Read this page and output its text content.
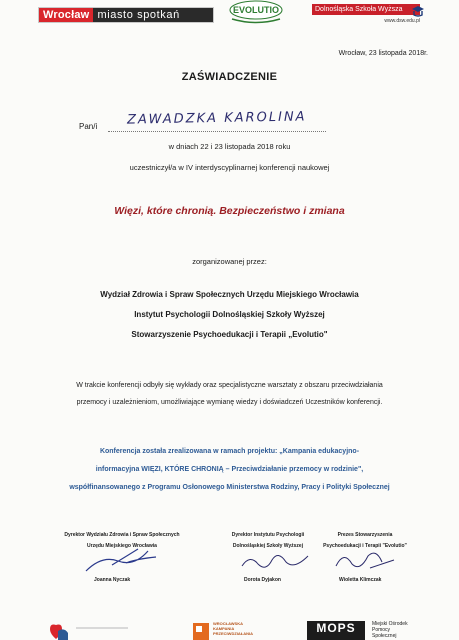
Wrocław miasto spotkań	EVOLUTIO	Dolnośląska Szkoła Wyższa
www.dsw.edu.pl
Wrocław, 23 listopada 2018r.
ZAŚWIADCZENIE
Pan/i ZAWADZKA KAROLINA
w dniach 22 i 23 listopada 2018 roku
uczestniczył/a w IV interdyscyplinarnej konferencji naukowej
Więzi, które chronią. Bezpieczeństwo i zmiana
zorganizowanej przez:
Wydział Zdrowia i Spraw Społecznych Urzędu Miejskiego Wrocławia
Instytut Psychologii Dolnośląskiej Szkoły Wyższej
Stowarzyszenie Psychoedukacji i Terapii „Evolutio"
W trakcie konferencji odbyły się wykłady oraz specjalistyczne warsztaty z obszaru przeciwdziałania
przemocy i uzależnieniom, umożliwiające wymianę wiedzy i doświadczeń Uczestników konferencji.
Konferencja została zrealizowana w ramach projektu: „Kampania edukacyjno-
informacyjna WIĘZI, KTÓRE CHRONIĄ – Przeciwdziałanie przemocy w rodzinie",
współfinansowanego z Programu Osłonowego Ministerstwa Rodziny, Pracy i Polityki Społecznej
Dyrektor Wydziału Zdrowia i Spraw Społecznych
Urzędu Miejskiego Wrocławia
Dyrektor Instytutu Psychologii
Dolnośląskiej Szkoły Wyższej
Prezes Stowarzyszenia
Psychoedukacji i Terapii "Evolutio"
Joanna Nyczak	Dorota Dyjakon	Wioletta Klimczak
WROCŁAWSKA
KAMPANIA
PRZECIWDZIAŁANIA	MOPS	Miejski Ośrodek
Pomocy
Społecznej
